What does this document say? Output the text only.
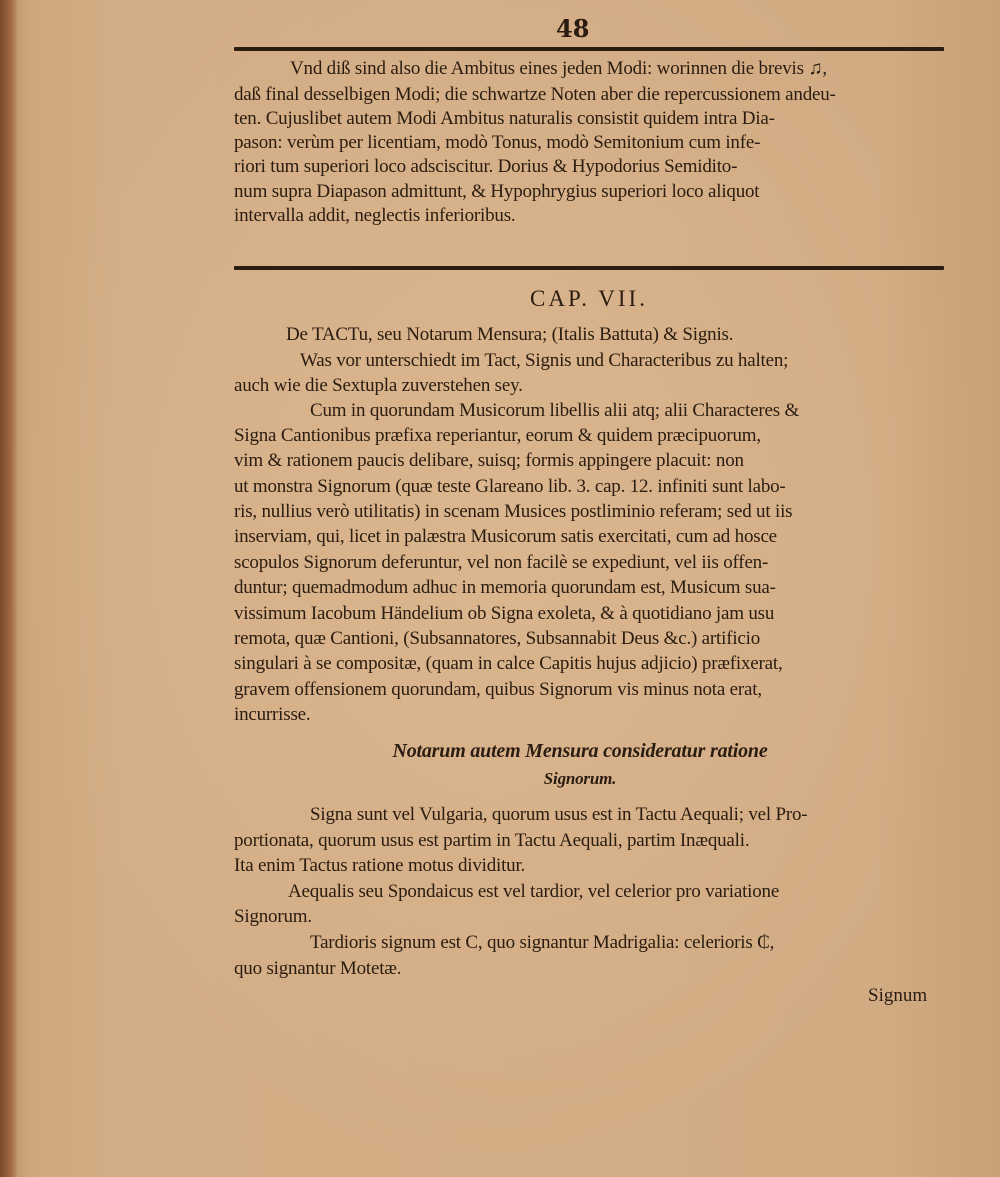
48
Vnd diß sind also die Ambitus eines jeden Modi: worinnen die brevis ♫,
daß final desselbigen Modi; die schwartze Noten aber die repercussionem andeu-
ten. Cujuslibet autem Modi Ambitus naturalis consistit quidem intra Dia-
pason: verùm per licentiam, modò Tonus, modò Semitonium cum infe-
riori tum superiori loco adsciscitur. Dorius & Hypodorius Semidito-
num supra Diapason admittunt, & Hypophrygius superiori loco aliquot
intervalla addit, neglectis inferioribus.
CAP. VII.
De TACTu, seu Notarum Mensura; (Italis Battuta) & Signis.
Was vor unterschiedt im Tact, Signis und Characteribus zu halten;
auch wie die Sextupla zuverstehen sey.
Cum in quorundam Musicorum libellis alii atq; alii Characteres &
Signa Cantionibus præfixa reperiantur, eorum & quidem præcipuorum,
vim & rationem paucis delibare, suisq; formis appingere placuit: non
ut monstra Signorum (quæ teste Glareano lib. 3. cap. 12. infiniti sunt labo-
ris, nullius verò utilitatis) in scenam Musices postliminio referam; sed ut iis
inserviam, qui, licet in palæstra Musicorum satis exercitati, cum ad hosce
scopulos Signorum deferuntur, vel non facilè se expediunt, vel iis offen-
duntur; quemadmodum adhuc in memoria quorundam est, Musicum sua-
vissimum Iacobum Händelium ob Signa exoleta, & à quotidiano jam usu
remota, quæ Cantioni, (Subsannatores, Subsannabit Deus &c.) artificio
singulari à se compositæ, (quam in calce Capitis hujus adjicio) præfixerat,
gravem offensionem quorundam, quibus Signorum vis minus nota erat,
incurrisse.
Notarum autem Mensura consideratur ratione
Signorum.
Signa sunt vel Vulgaria, quorum usus est in Tactu Aequali; vel Pro-
portionata, quorum usus est partim in Tactu Aequali, partim Inæquali.
Ita enim Tactus ratione motus dividitur.
Aequalis seu Spondaicus est vel tardior, vel celerior pro variatione
Signorum.
Tardioris signum est C, quo signantur Madrigalia: celerioris ₵,
quo signantur Motetæ.
Signum
